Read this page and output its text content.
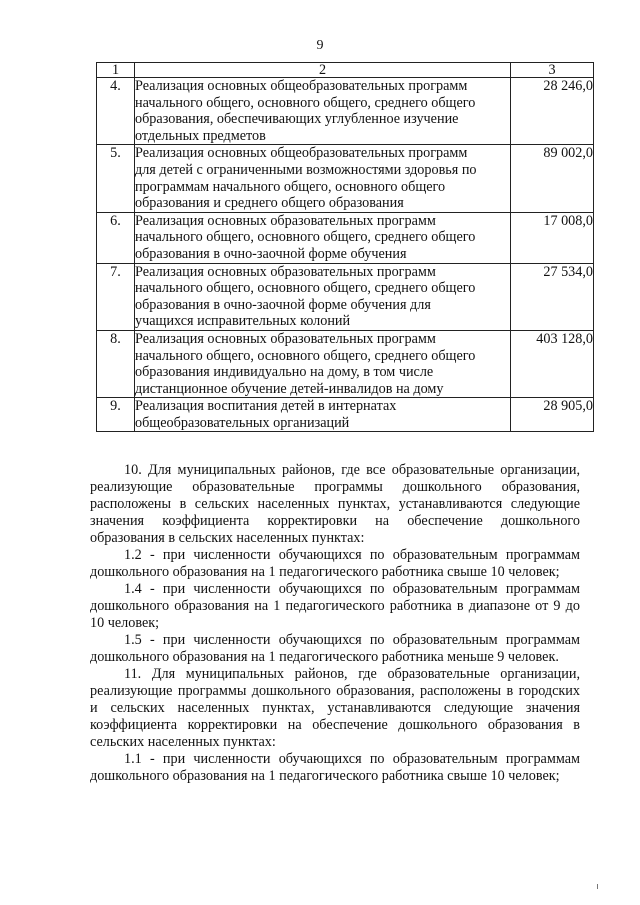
9
1	2	3
4.	Реализация основных общеобразовательных программ
начального общего, основного общего, среднего общего
образования, обеспечивающих углубленное изучение
отдельных предметов	28 246,0
5.	Реализация основных общеобразовательных программ
для детей с ограниченными возможностями здоровья по
программам начального общего, основного общего
образования и среднего общего образования	89 002,0
6.	Реализация основных образовательных программ
начального общего, основного общего, среднего общего
образования в очно-заочной форме обучения	17 008,0
7.	Реализация основных образовательных программ
начального общего, основного общего, среднего общего
образования в очно-заочной форме обучения для
учащихся исправительных колоний	27 534,0
8.	Реализация основных образовательных программ
начального общего, основного общего, среднего общего
образования индивидуально на дому, в том числе
дистанционное обучение детей-инвалидов на дому	403 128,0
9.	Реализация воспитания детей в интернатах
общеобразовательных организаций	28 905,0

10. Для муниципальных районов, где все образовательные организации, реализующие образовательные программы дошкольного образования, расположены в сельских населенных пунктах, устанавливаются следующие значения коэффициента корректировки на обеспечение дошкольного образования в сельских населенных пунктах:

1.2 - при численности обучающихся по образовательным программам дошкольного образования на 1 педагогического работника свыше 10 человек;

1.4 - при численности обучающихся по образовательным программам дошкольного образования на 1 педагогического работника в диапазоне от 9 до 10 человек;

1.5 - при численности обучающихся по образовательным программам дошкольного образования на 1 педагогического работника меньше 9 человек.

11. Для муниципальных районов, где образовательные организации, реализующие программы дошкольного образования, расположены в городских и сельских населенных пунктах, устанавливаются следующие значения коэффициента корректировки на обеспечение дошкольного образования в сельских населенных пунктах:

1.1 - при численности обучающихся по образовательным программам дошкольного образования на 1 педагогического работника свыше 10 человек;
